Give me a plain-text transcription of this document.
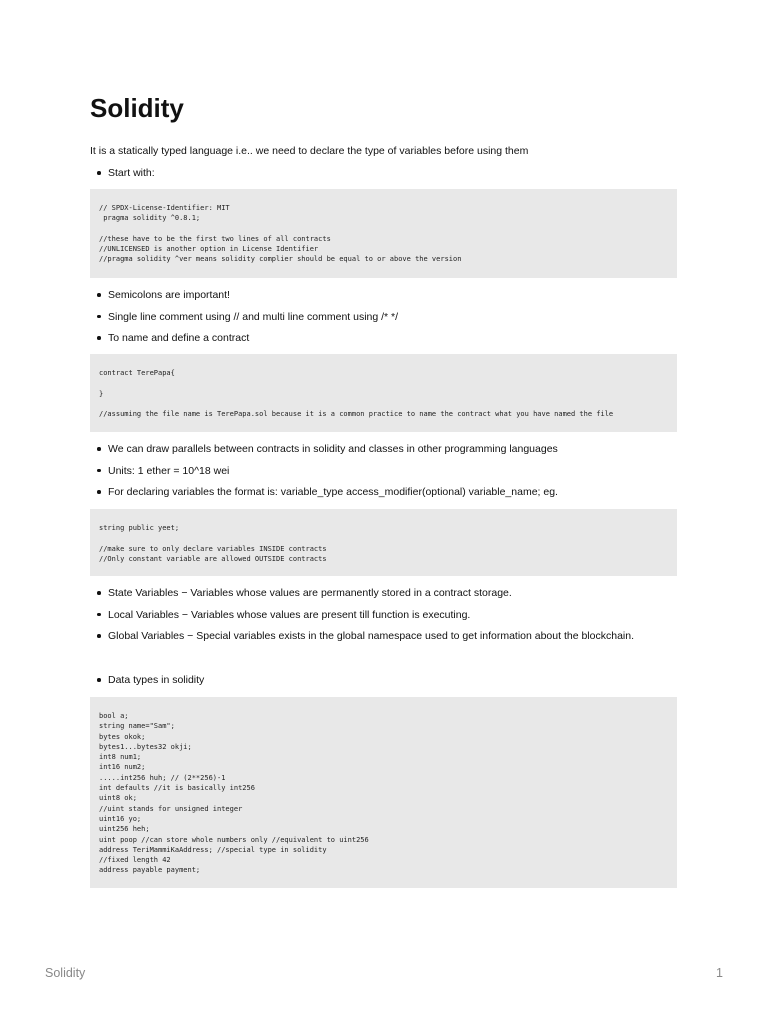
Solidity

It is a statically typed language i.e.. we need to declare the type of variables before using them

Start with:
// SPDX-License-Identifier: MIT
pragma solidity ^0.8.1;

//these have to be the first two lines of all contracts
//UNLICENSED is another option in License Identifier
//pragma solidity ^ver means solidity complier should be equal to or above the version
Semicolons are important!
Single line comment using // and multi line comment using /* */
To name and define a contract
contract TerePapa{

}

//assuming the file name is TerePapa.sol because it is a common practice to name the contract what you have named the file
We can draw parallels between contracts in solidity and classes in other programming languages
Units: 1 ether = 10^18 wei
For declaring variables the format is: variable_type access_modifier(optional) variable_name; eg.
string public yeet;

//make sure to only declare variables INSIDE contracts
//Only constant variable are allowed OUTSIDE contracts
State Variables − Variables whose values are permanently stored in a contract storage.
Local Variables − Variables whose values are present till function is executing.
Global Variables − Special variables exists in the global namespace used to get information about the blockchain.
Data types in solidity
bool a;
string name="Sam";
bytes okok;
bytes1...bytes32 okji;
int8 num1;
int16 num2;
.....int256 huh; // (2**256)-1
int defaults //it is basically int256
uint8 ok;
//uint stands for unsigned integer
uint16 yo;
uint256 heh;
uint poop //can store whole numbers only //equivalent to uint256
address TeriMammiKaAddress; //special type in solidity
//fixed length 42
address payable payment;
Solidity	1
